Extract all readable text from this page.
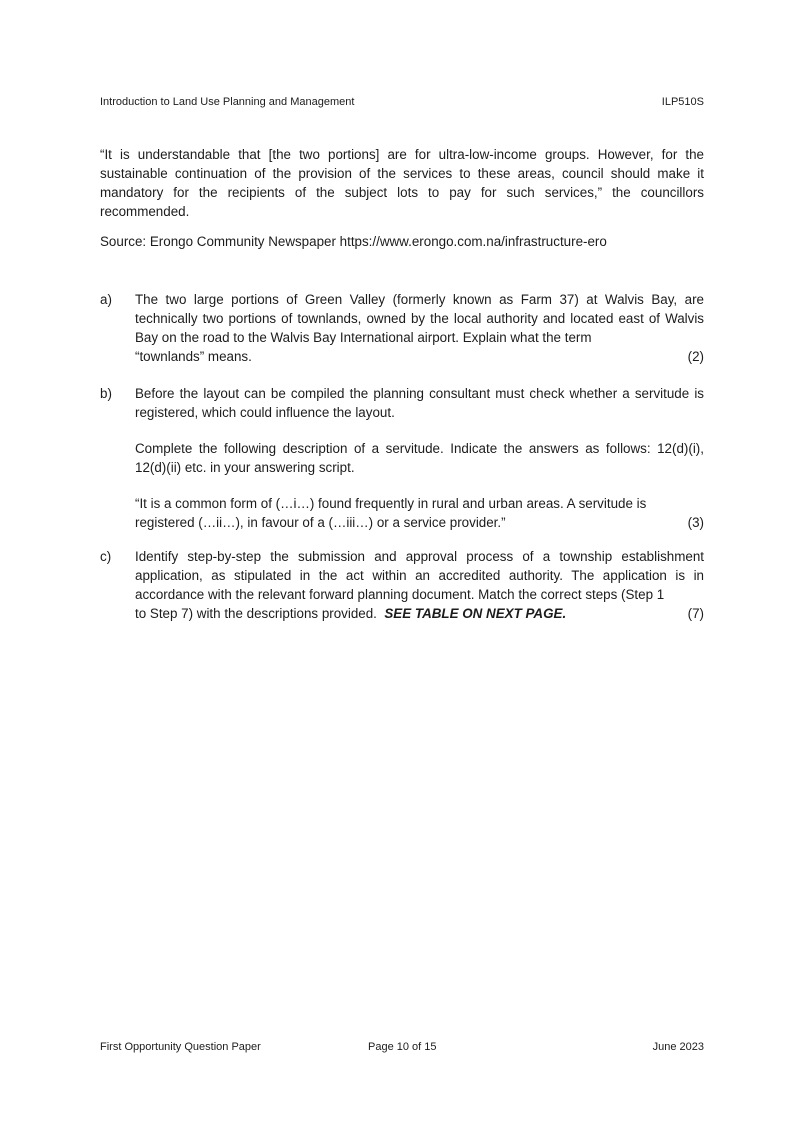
Introduction to Land Use Planning and Management	ILP510S
“It is understandable that [the two portions] are for ultra-low-income groups. However, for the sustainable continuation of the provision of the services to these areas, council should make it mandatory for the recipients of the subject lots to pay for such services,” the councillors recommended.
Source: Erongo Community Newspaper https://www.erongo.com.na/infrastructure-ero
a)	The two large portions of Green Valley (formerly known as Farm 37) at Walvis Bay, are technically two portions of townlands, owned by the local authority and located east of Walvis Bay on the road to the Walvis Bay International airport. Explain what the term
“townlands” means.	(2)
b)	Before the layout can be compiled the planning consultant must check whether a servitude is registered, which could influence the layout.

Complete the following description of a servitude. Indicate the answers as follows: 12(d)(i), 12(d)(ii) etc. in your answering script.

“It is a common form of (…i…) found frequently in rural and urban areas. A servitude is
registered (…ii…), in favour of a (…iii…) or a service provider.”	(3)
c)	Identify step-by-step the submission and approval process of a township establishment application, as stipulated in the act within an accredited authority. The application is in accordance with the relevant forward planning document. Match the correct steps (Step 1
to Step 7) with the descriptions provided. SEE TABLE ON NEXT PAGE.	(7)
First Opportunity Question Paper	Page 10 of 15	June 2023
